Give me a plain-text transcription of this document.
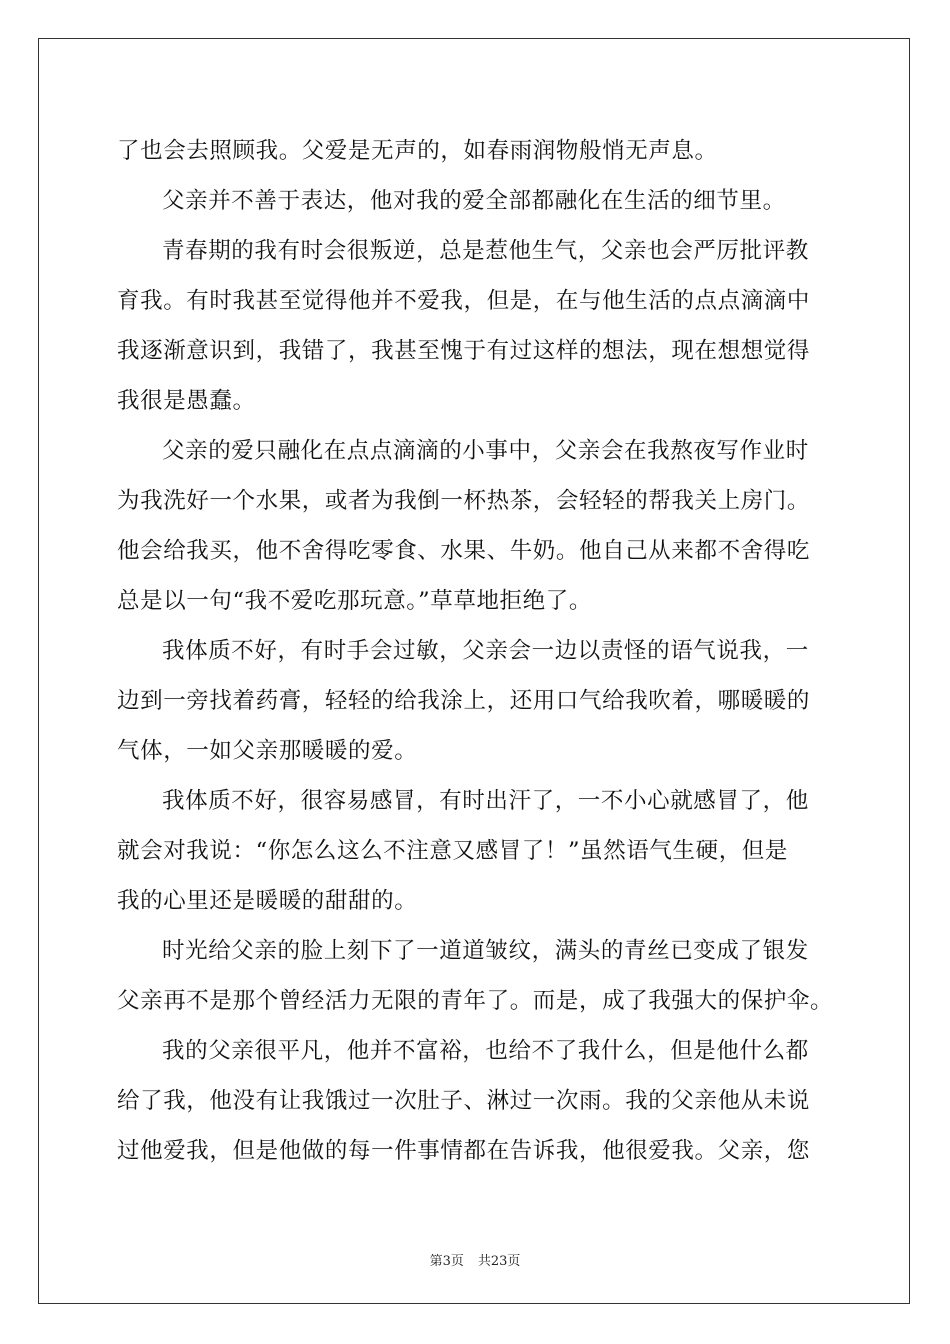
了也会去照顾我。父爱是无声的，如春雨润物般悄无声息。
父亲并不善于表达，他对我的爱全部都融化在生活的细节里。
青春期的我有时会很叛逆，总是惹他生气，父亲也会严厉批评教
育我。有时我甚至觉得他并不爱我，但是，在与他生活的点点滴滴中
我逐渐意识到，我错了，我甚至愧于有过这样的想法，现在想想觉得
我很是愚蠢。
父亲的爱只融化在点点滴滴的小事中，父亲会在我熬夜写作业时
为我洗好一个水果，或者为我倒一杯热茶，会轻轻的帮我关上房门。
他会给我买，他不舍得吃零食、水果、牛奶。他自己从来都不舍得吃
总是以一句“我不爱吃那玩意。”草草地拒绝了。
我体质不好，有时手会过敏，父亲会一边以责怪的语气说我，一
边到一旁找着药膏，轻轻的给我涂上，还用口气给我吹着，哪暖暖的
气体，一如父亲那暖暖的爱。
我体质不好，很容易感冒，有时出汗了，一不小心就感冒了，他
就会对我说：“你怎么这么不注意又感冒了！”虽然语气生硬，但是
我的心里还是暖暖的甜甜的。
时光给父亲的脸上刻下了一道道皱纹，满头的青丝已变成了银发
父亲再不是那个曾经活力无限的青年了。而是，成了我强大的保护伞。
我的父亲很平凡，他并不富裕，也给不了我什么，但是他什么都
给了我，他没有让我饿过一次肚子、淋过一次雨。我的父亲他从未说
过他爱我，但是他做的每一件事情都在告诉我，他很爱我。父亲，您
第3页 共23页
